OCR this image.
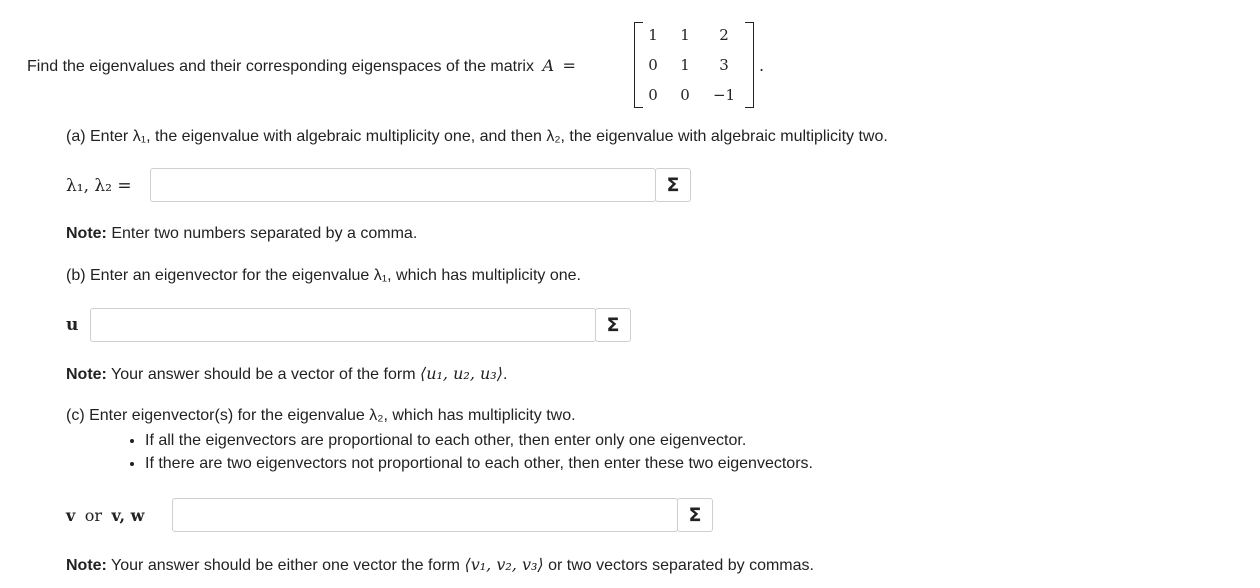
Find the eigenvalues and their corresponding eigenspaces of the matrix A =
1	1	2
0	1	3
0	0	−1
.
(a) Enter λ₁, the eigenvalue with algebraic multiplicity one, and then λ₂, the eigenvalue with algebraic multiplicity two.
λ₁, λ₂ =	Σ
Note: Enter two numbers separated by a comma.
(b) Enter an eigenvector for the eigenvalue λ₁, which has multiplicity one.
u	Σ
Note: Your answer should be a vector of the form ⟨u₁, u₂, u₃⟩.
(c) Enter eigenvector(s) for the eigenvalue λ₂, which has multiplicity two.
• If all the eigenvectors are proportional to each other, then enter only one eigenvector.
• If there are two eigenvectors not proportional to each other, then enter these two eigenvectors.
v or v, w	Σ
Note: Your answer should be either one vector the form ⟨v₁, v₂, v₃⟩ or two vectors separated by commas.
